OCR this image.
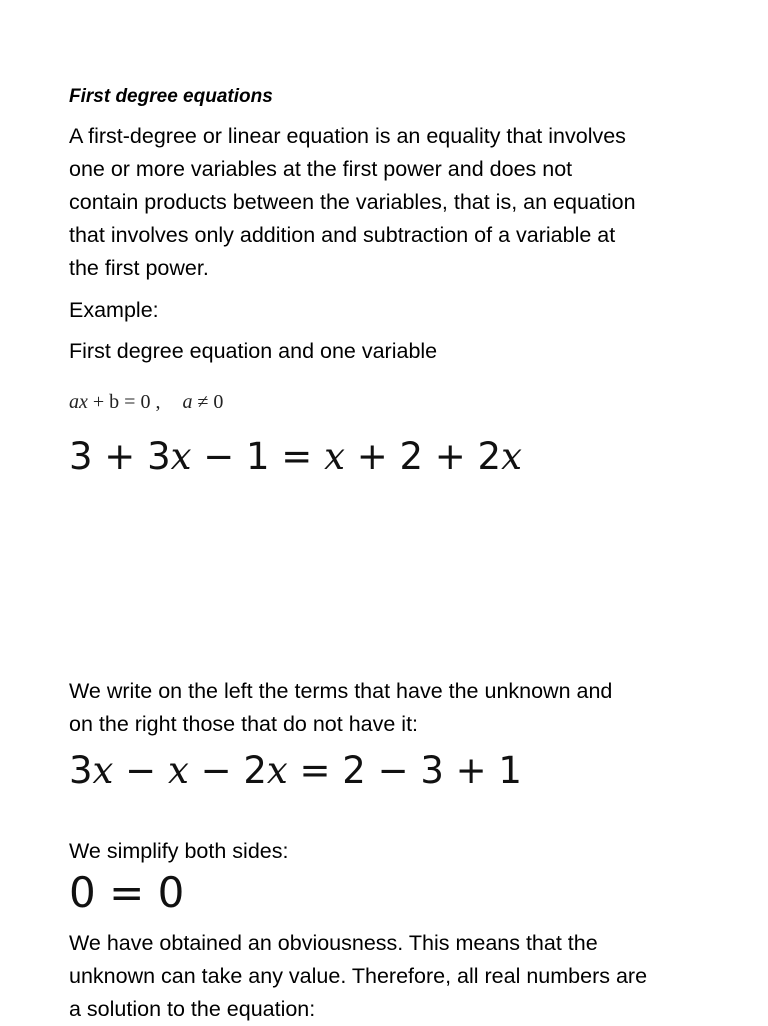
First degree equations
A first-degree or linear equation is an equality that involves
one or more variables at the first power and does not
contain products between the variables, that is, an equation
that involves only addition and subtraction of a variable at
the first power.
Example:
First degree equation and one variable
ax + b = 0 , a ≠ 0
3 + 3x − 1 = x + 2 + 2x
We write on the left the terms that have the unknown and
on the right those that do not have it:
3x − x − 2x = 2 − 3 + 1
We simplify both sides:
0 = 0
We have obtained an obviousness. This means that the
unknown can take any value. Therefore, all real numbers are
a solution to the equation:
